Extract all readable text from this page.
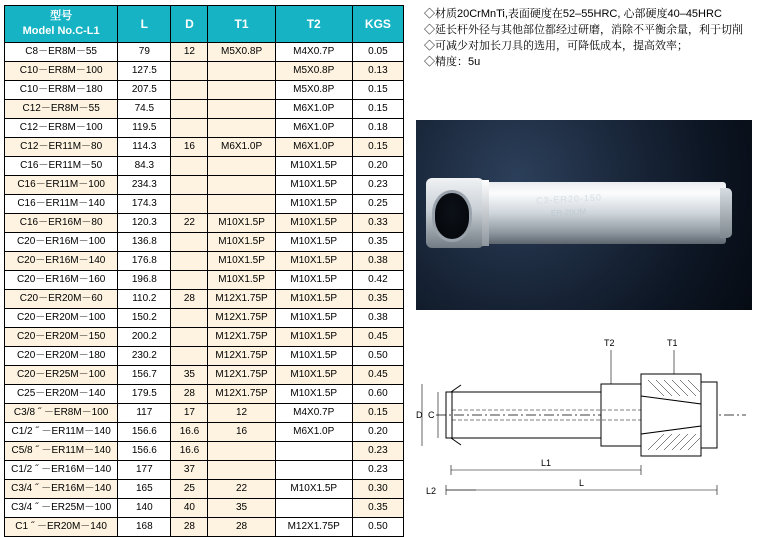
型号
Model No.C-L1	L	D	T1	T2	KGS
C8－ER8M－55	79	12	M5X0.8P	M4X0.7P	0.05
C10－ER8M－100	127.5			M5X0.8P	0.13
C10－ER8M－180	207.5			M5X0.8P	0.15
C12－ER8M－55	74.5			M6X1.0P	0.15
C12－ER8M－100	119.5			M6X1.0P	0.18
C12－ER11M－80	114.3	16	M6X1.0P	M6X1.0P	0.15
C16－ER11M－50	84.3			M10X1.5P	0.20
C16－ER11M－100	234.3			M10X1.5P	0.23
C16－ER11M－140	174.3			M10X1.5P	0.25
C16－ER16M－80	120.3	22	M10X1.5P	M10X1.5P	0.33
C20－ER16M－100	136.8		M10X1.5P	M10X1.5P	0.35
C20－ER16M－140	176.8		M10X1.5P	M10X1.5P	0.38
C20－ER16M－160	196.8		M10X1.5P	M10X1.5P	0.42
C20－ER20M－60	110.2	28	M12X1.75P	M10X1.5P	0.35
C20－ER20M－100	150.2		M12X1.75P	M10X1.5P	0.38
C20－ER20M－150	200.2		M12X1.75P	M10X1.5P	0.45
C20－ER20M－180	230.2		M12X1.75P	M10X1.5P	0.50
C20－ER25M－100	156.7	35	M12X1.75P	M10X1.5P	0.45
C25－ER20M－140	179.5	28	M12X1.75P	M10X1.5P	0.60
C3/8 ˝ －ER8M－100	117	17	12	M4X0.7P	0.15
C1/2 ˝ －ER11M－140	156.6	16.6	16	M6X1.0P	0.20
C5/8 ˝ －ER11M－140	156.6	16.6			0.23
C1/2 ˝ －ER16M－140	177	37			0.23
C3/4 ˝ －ER16M－140	165	25	22	M10X1.5P	0.30
C3/4 ˝ －ER25M－100	140	40	35		0.35
C1 ˝ －ER20M－140	168	28	28	M12X1.75P	0.50
◇材质20CrMnTi,表面硬度在52–55HRC, 心部硬度40–45HRC
◇延长杆外径与其他部位都经过研磨，消除不平衡余量，利于切削
◇可减少对加长刀具的选用，可降低成本，提高效率；
◇精度：5u
C3-ER20-150
ER-20UM
T2	T1
C
D
L1
L2
L
